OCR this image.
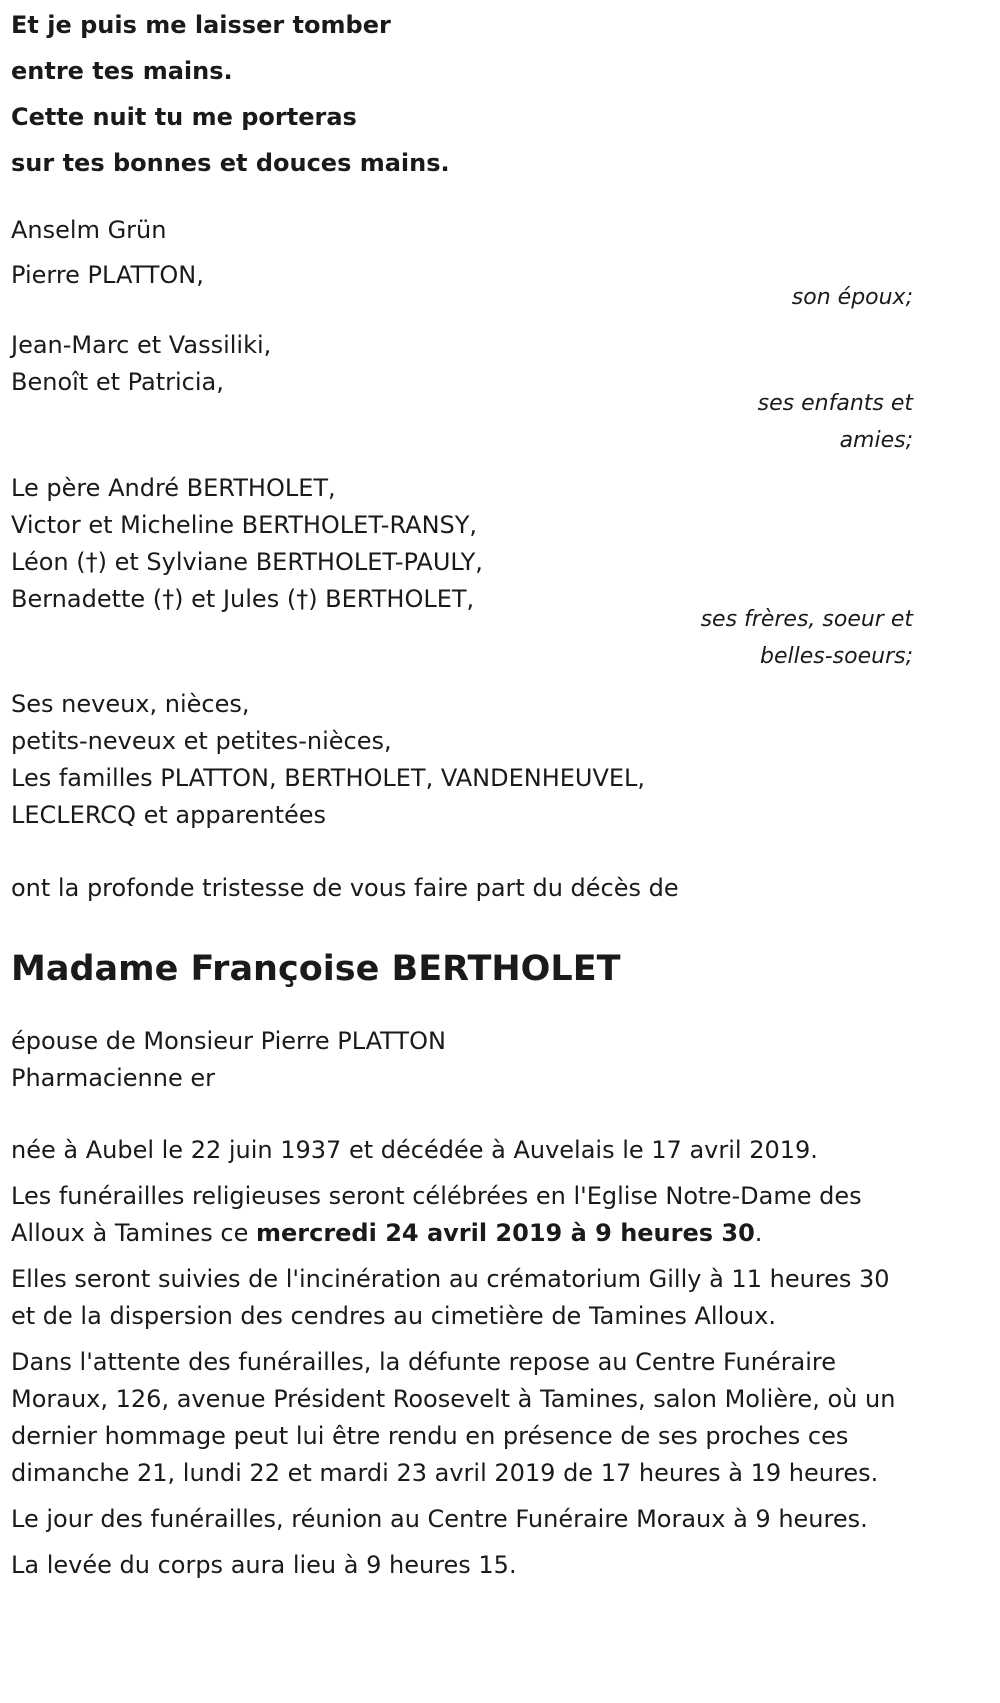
Et je puis me laisser tomber

entre tes mains.

Cette nuit tu me porteras

sur tes bonnes et douces mains.

Anselm Grün
Pierre PLATTON,
son époux;
Jean-Marc et Vassiliki,
Benoît et Patricia,
ses enfants et
amies;
Le père André BERTHOLET,
Victor et Micheline BERTHOLET-RANSY,
Léon (†) et Sylviane BERTHOLET-PAULY,
Bernadette (†) et Jules (†) BERTHOLET,
ses frères, soeur et
belles-soeurs;
Ses neveux, nièces,
petits-neveux et petites-nièces,
Les familles PLATTON, BERTHOLET, VANDENHEUVEL,
LECLERCQ et apparentées
ont la profonde tristesse de vous faire part du décès de
Madame Françoise BERTHOLET
épouse de Monsieur Pierre PLATTON
Pharmacienne er
née à Aubel le 22 juin 1937 et décédée à Auvelais le 17 avril 2019.
Les funérailles religieuses seront célébrées en l'Eglise Notre-Dame des Alloux à Tamines ce mercredi 24 avril 2019 à 9 heures 30.
Elles seront suivies de l'incinération au crématorium Gilly à 11 heures 30 et de la dispersion des cendres au cimetière de Tamines Alloux.
Dans l'attente des funérailles, la défunte repose au Centre Funéraire Moraux, 126, avenue Président Roosevelt à Tamines, salon Molière, où un dernier hommage peut lui être rendu en présence de ses proches ces dimanche 21, lundi 22 et mardi 23 avril 2019 de 17 heures à 19 heures.
Le jour des funérailles, réunion au Centre Funéraire Moraux à 9 heures.
La levée du corps aura lieu à 9 heures 15.
